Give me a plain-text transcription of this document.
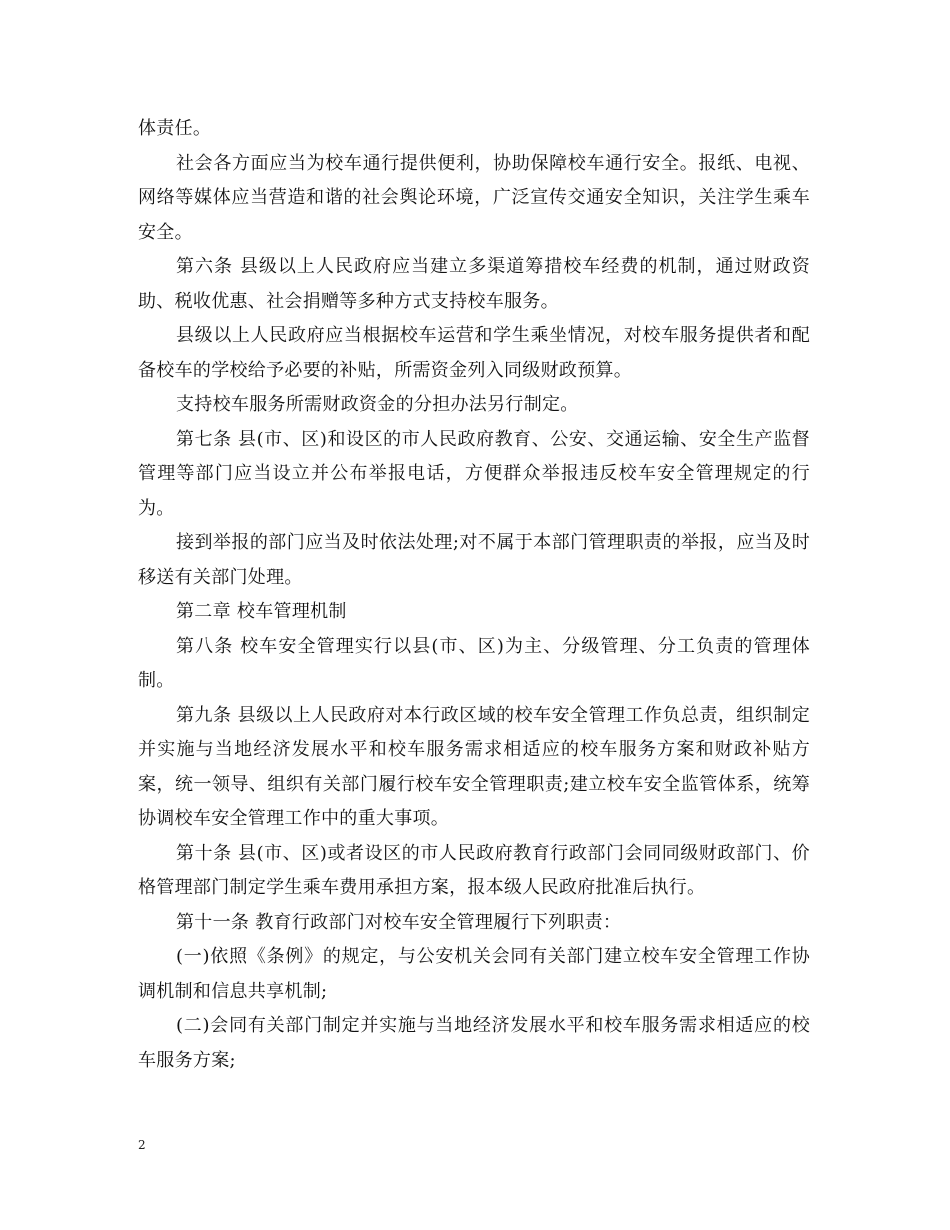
体责任。

社会各方面应当为校车通行提供便利，协助保障校车通行安全。报纸、电视、网络等媒体应当营造和谐的社会舆论环境，广泛宣传交通安全知识，关注学生乘车安全。

第六条 县级以上人民政府应当建立多渠道筹措校车经费的机制，通过财政资助、税收优惠、社会捐赠等多种方式支持校车服务。

县级以上人民政府应当根据校车运营和学生乘坐情况，对校车服务提供者和配备校车的学校给予必要的补贴，所需资金列入同级财政预算。

支持校车服务所需财政资金的分担办法另行制定。

第七条 县(市、区)和设区的市人民政府教育、公安、交通运输、安全生产监督管理等部门应当设立并公布举报电话，方便群众举报违反校车安全管理规定的行为。

接到举报的部门应当及时依法处理;对不属于本部门管理职责的举报，应当及时移送有关部门处理。

第二章 校车管理机制

第八条 校车安全管理实行以县(市、区)为主、分级管理、分工负责的管理体制。

第九条 县级以上人民政府对本行政区域的校车安全管理工作负总责，组织制定并实施与当地经济发展水平和校车服务需求相适应的校车服务方案和财政补贴方案，统一领导、组织有关部门履行校车安全管理职责;建立校车安全监管体系，统筹协调校车安全管理工作中的重大事项。

第十条 县(市、区)或者设区的市人民政府教育行政部门会同同级财政部门、价格管理部门制定学生乘车费用承担方案，报本级人民政府批准后执行。

第十一条 教育行政部门对校车安全管理履行下列职责：

(一)依照《条例》的规定，与公安机关会同有关部门建立校车安全管理工作协调机制和信息共享机制;

(二)会同有关部门制定并实施与当地经济发展水平和校车服务需求相适应的校车服务方案;

2
